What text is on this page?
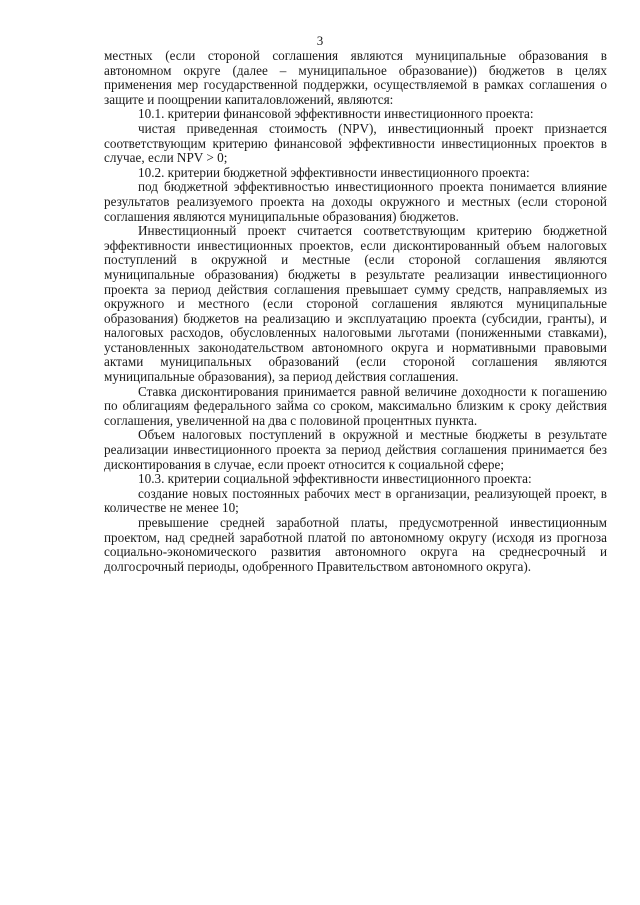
3

местных (если стороной соглашения являются муниципальные образования в автономном округе (далее – муниципальное образование)) бюджетов в целях применения мер государственной поддержки, осуществляемой в рамках соглашения о защите и поощрении капиталовложений, являются:

10.1. критерии финансовой эффективности инвестиционного проекта:

чистая приведенная стоимость (NPV), инвестиционный проект признается соответствующим критерию финансовой эффективности инвестиционных проектов в случае, если NPV > 0;

10.2. критерии бюджетной эффективности инвестиционного проекта:

под бюджетной эффективностью инвестиционного проекта понимается влияние результатов реализуемого проекта на доходы окружного и местных (если стороной соглашения являются муниципальные образования) бюджетов.

Инвестиционный проект считается соответствующим критерию бюджетной эффективности инвестиционных проектов, если дисконтированный объем налоговых поступлений в окружной и местные (если стороной соглашения являются муниципальные образования) бюджеты в результате реализации инвестиционного проекта за период действия соглашения превышает сумму средств, направляемых из окружного и местного (если стороной соглашения являются муниципальные образования) бюджетов на реализацию и эксплуатацию проекта (субсидии, гранты), и налоговых расходов, обусловленных налоговыми льготами (пониженными ставками), установленных законодательством автономного округа и нормативными правовыми актами муниципальных образований (если стороной соглашения являются муниципальные образования), за период действия соглашения.

Ставка дисконтирования принимается равной величине доходности к погашению по облигациям федерального займа со сроком, максимально близким к сроку действия соглашения, увеличенной на два с половиной процентных пункта.

Объем налоговых поступлений в окружной и местные бюджеты в результате реализации инвестиционного проекта за период действия соглашения принимается без дисконтирования в случае, если проект относится к социальной сфере;

10.3. критерии социальной эффективности инвестиционного проекта:

создание новых постоянных рабочих мест в организации, реализующей проект, в количестве не менее 10;

превышение средней заработной платы, предусмотренной инвестиционным проектом, над средней заработной платой по автономному округу (исходя из прогноза социально-экономического развития автономного округа на среднесрочный и долгосрочный периоды, одобренного Правительством автономного округа).
